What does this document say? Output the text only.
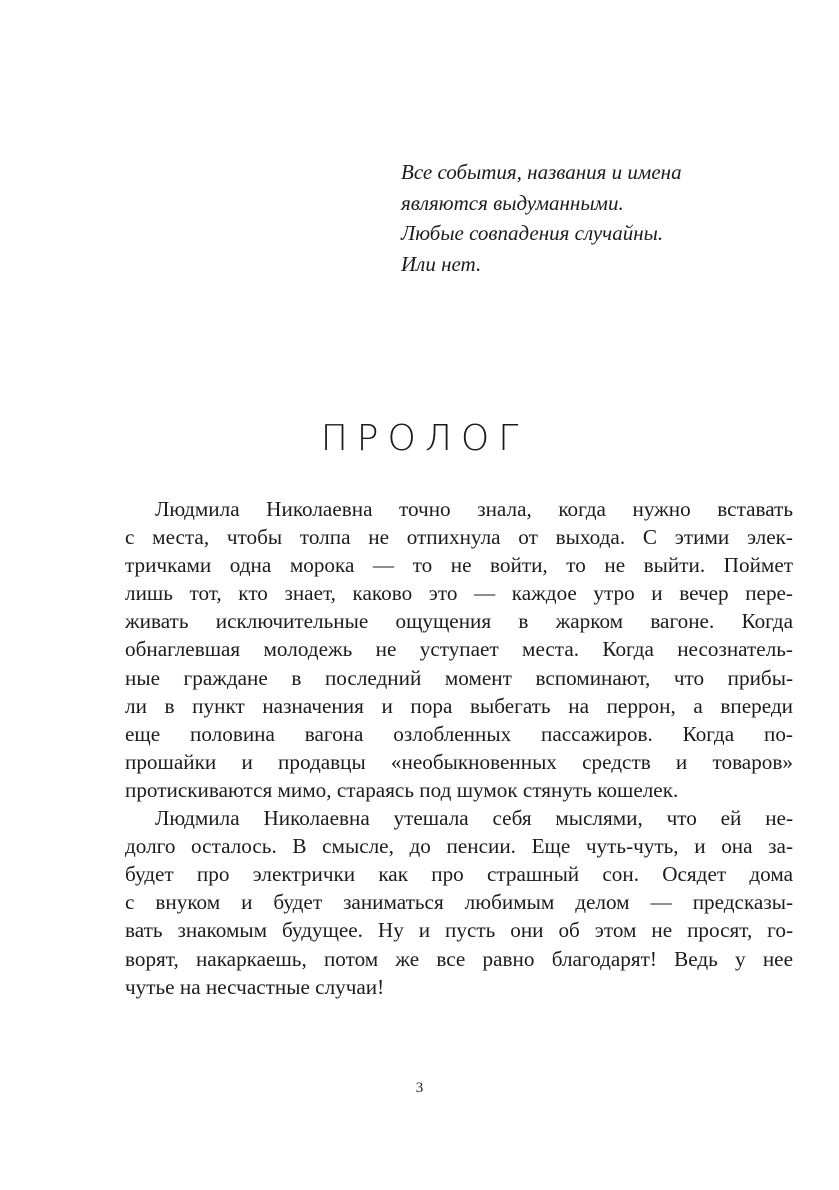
Все события, названия и имена
являются выдуманными.
Любые совпадения случайны.
Или нет.
ПРОЛОГ
Людмила Николаевна точно знала, когда нужно вставать
с места, чтобы толпа не отпихнула от выхода. С этими элек-
тричками одна морока — то не войти, то не выйти. Поймет
лишь тот, кто знает, каково это — каждое утро и вечер пере-
живать исключительные ощущения в жарком вагоне. Когда
обнаглевшая молодежь не уступает места. Когда несознатель-
ные граждане в последний момент вспоминают, что прибы-
ли в пункт назначения и пора выбегать на перрон, а впереди
еще половина вагона озлобленных пассажиров. Когда по-
прошайки и продавцы «необыкновенных средств и товаров»
протискиваются мимо, стараясь под шумок стянуть кошелек.
Людмила Николаевна утешала себя мыслями, что ей не-
долго осталось. В смысле, до пенсии. Еще чуть-чуть, и она за-
будет про электрички как про страшный сон. Осядет дома
с внуком и будет заниматься любимым делом — предсказы-
вать знакомым будущее. Ну и пусть они об этом не просят, го-
ворят, накаркаешь, потом же все равно благодарят! Ведь у нее
чутье на несчастные случаи!
3
